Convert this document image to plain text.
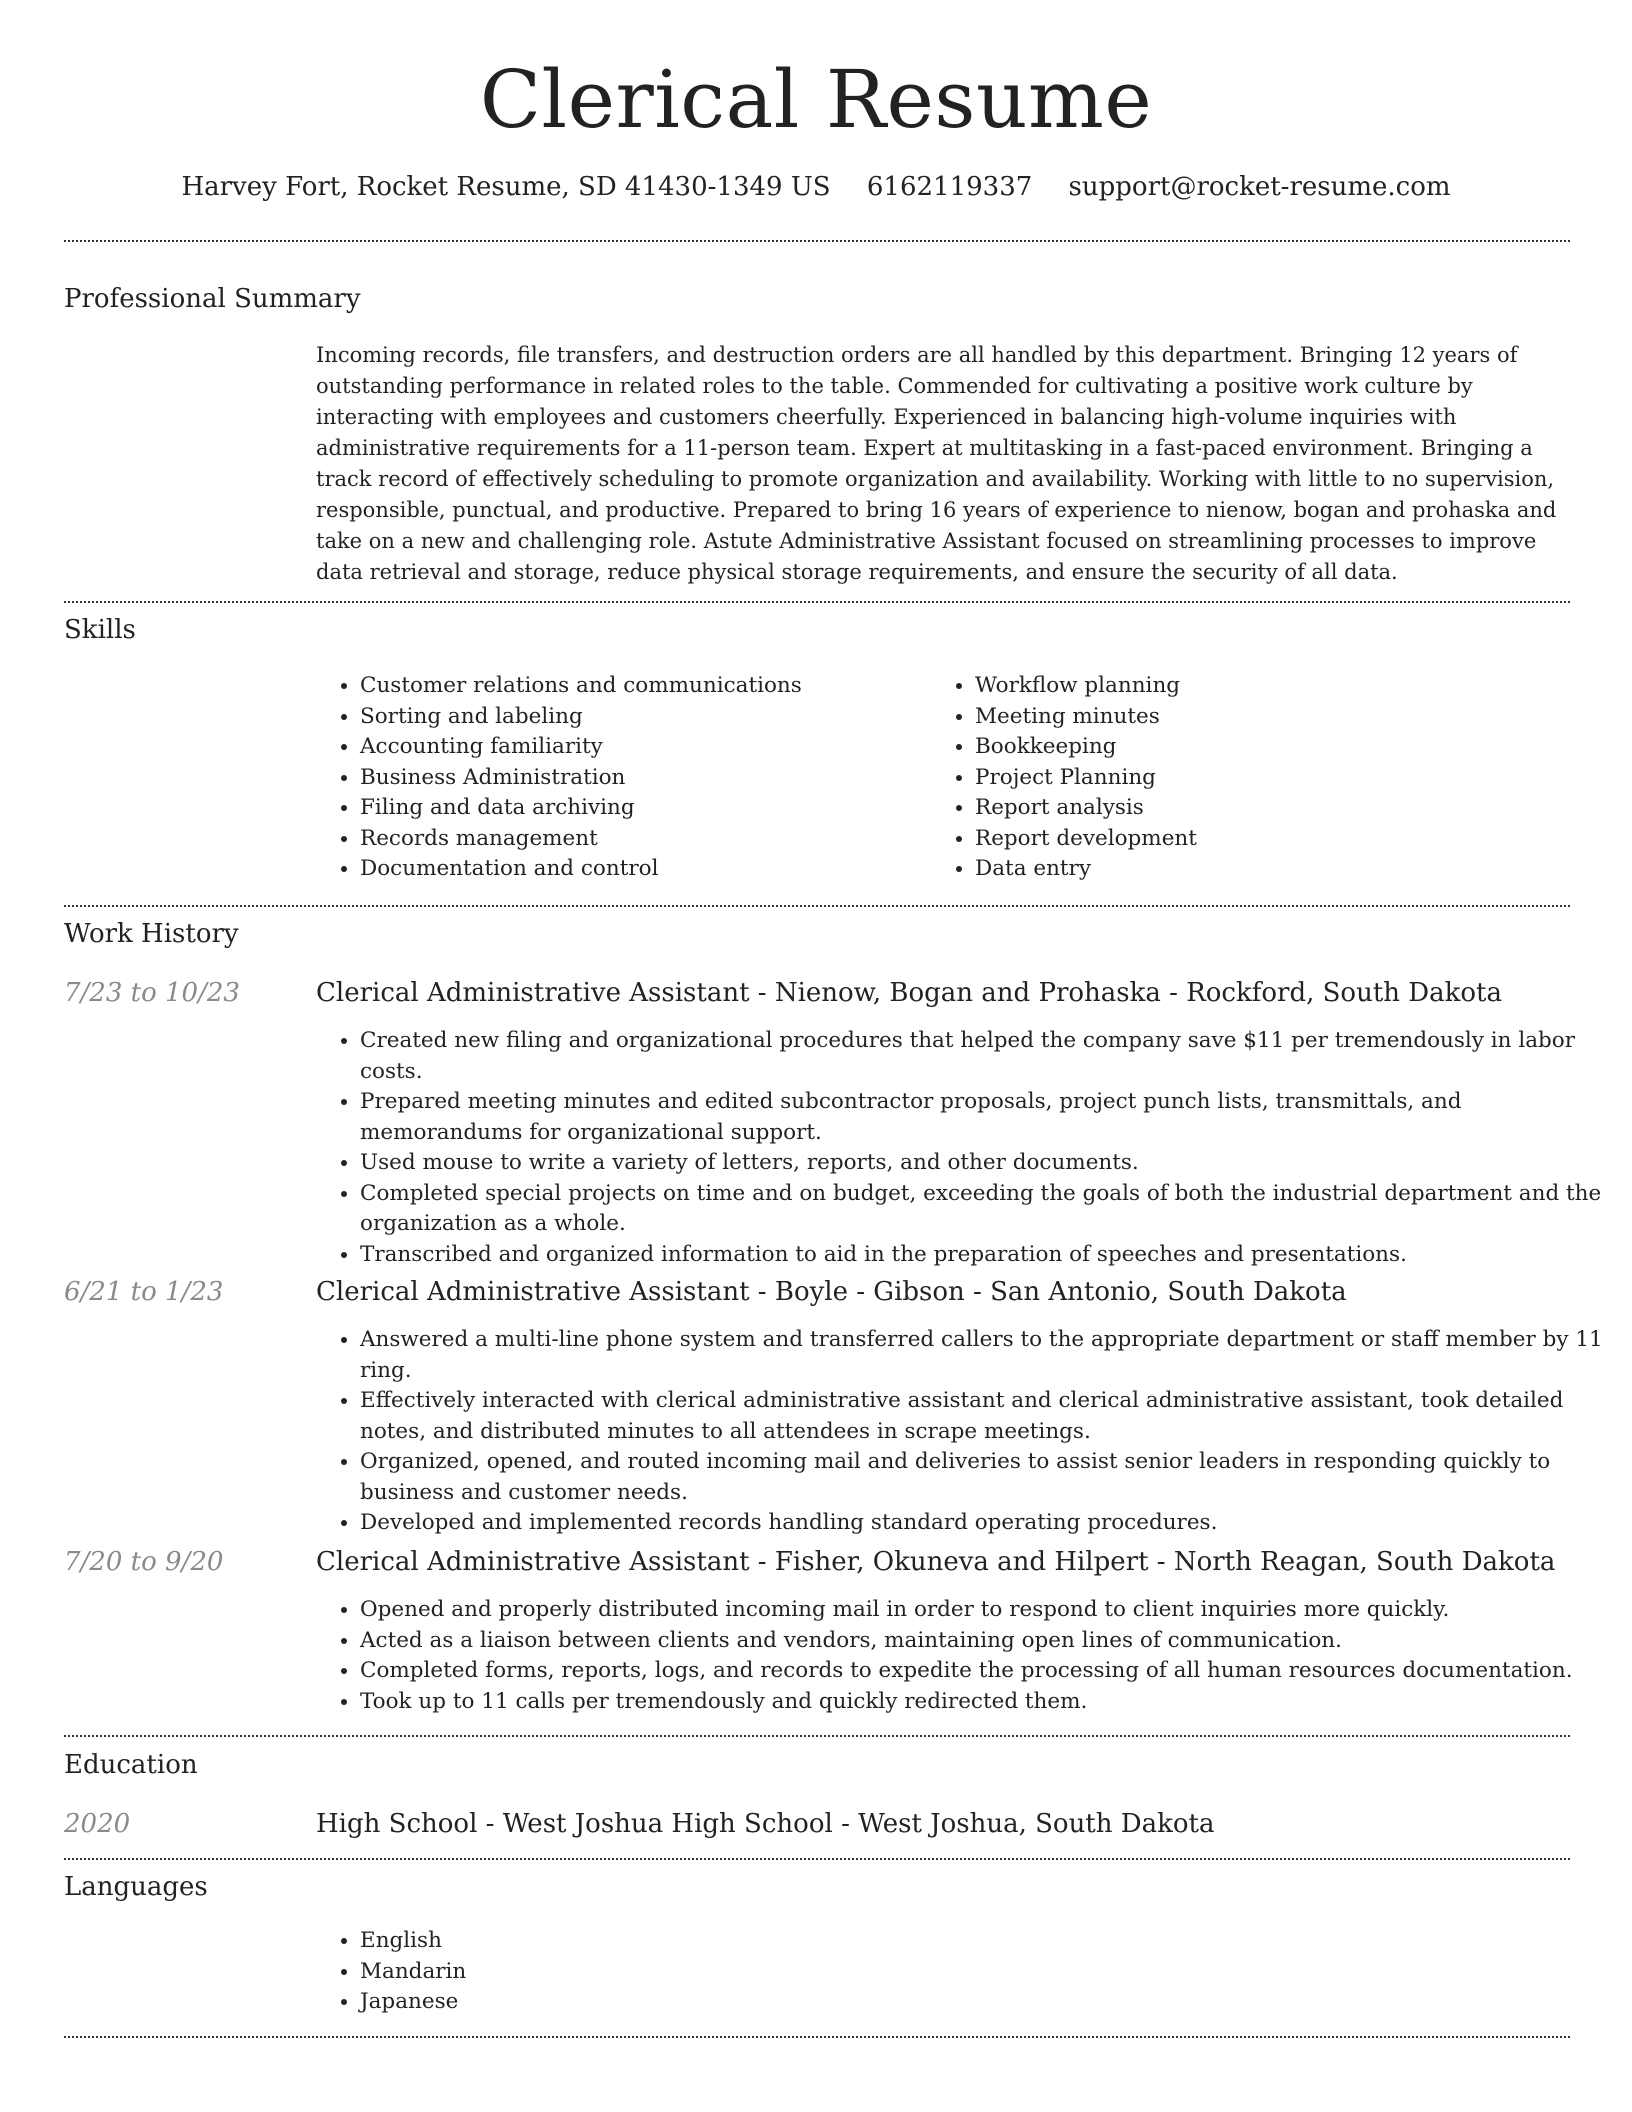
Clerical Resume
Harvey Fort, Rocket Resume, SD 41430-1349 US 6162119337 support@rocket-resume.com
Professional Summary
Incoming records, file transfers, and destruction orders are all handled by this department. Bringing 12 years of outstanding performance in related roles to the table. Commended for cultivating a positive work culture by interacting with employees and customers cheerfully. Experienced in balancing high-volume inquiries with administrative requirements for a 11-person team. Expert at multitasking in a fast-paced environment. Bringing a track record of effectively scheduling to promote organization and availability. Working with little to no supervision, responsible, punctual, and productive. Prepared to bring 16 years of experience to nienow, bogan and prohaska and take on a new and challenging role. Astute Administrative Assistant focused on streamlining processes to improve data retrieval and storage, reduce physical storage requirements, and ensure the security of all data.
Skills
• Customer relations and communications
• Sorting and labeling
• Accounting familiarity
• Business Administration
• Filing and data archiving
• Records management
• Documentation and control
• Workflow planning
• Meeting minutes
• Bookkeeping
• Project Planning
• Report analysis
• Report development
• Data entry
Work History
7/23 to 10/23	Clerical Administrative Assistant - Nienow, Bogan and Prohaska - Rockford, South Dakota
• Created new filing and organizational procedures that helped the company save $11 per tremendously in labor costs.
• Prepared meeting minutes and edited subcontractor proposals, project punch lists, transmittals, and memorandums for organizational support.
• Used mouse to write a variety of letters, reports, and other documents.
• Completed special projects on time and on budget, exceeding the goals of both the industrial department and the organization as a whole.
• Transcribed and organized information to aid in the preparation of speeches and presentations.
6/21 to 1/23	Clerical Administrative Assistant - Boyle - Gibson - San Antonio, South Dakota
• Answered a multi-line phone system and transferred callers to the appropriate department or staff member by 11 ring.
• Effectively interacted with clerical administrative assistant and clerical administrative assistant, took detailed notes, and distributed minutes to all attendees in scrape meetings.
• Organized, opened, and routed incoming mail and deliveries to assist senior leaders in responding quickly to business and customer needs.
• Developed and implemented records handling standard operating procedures.
7/20 to 9/20	Clerical Administrative Assistant - Fisher, Okuneva and Hilpert - North Reagan, South Dakota
• Opened and properly distributed incoming mail in order to respond to client inquiries more quickly.
• Acted as a liaison between clients and vendors, maintaining open lines of communication.
• Completed forms, reports, logs, and records to expedite the processing of all human resources documentation.
• Took up to 11 calls per tremendously and quickly redirected them.
Education
2020	High School - West Joshua High School - West Joshua, South Dakota
Languages
• English
• Mandarin
• Japanese
